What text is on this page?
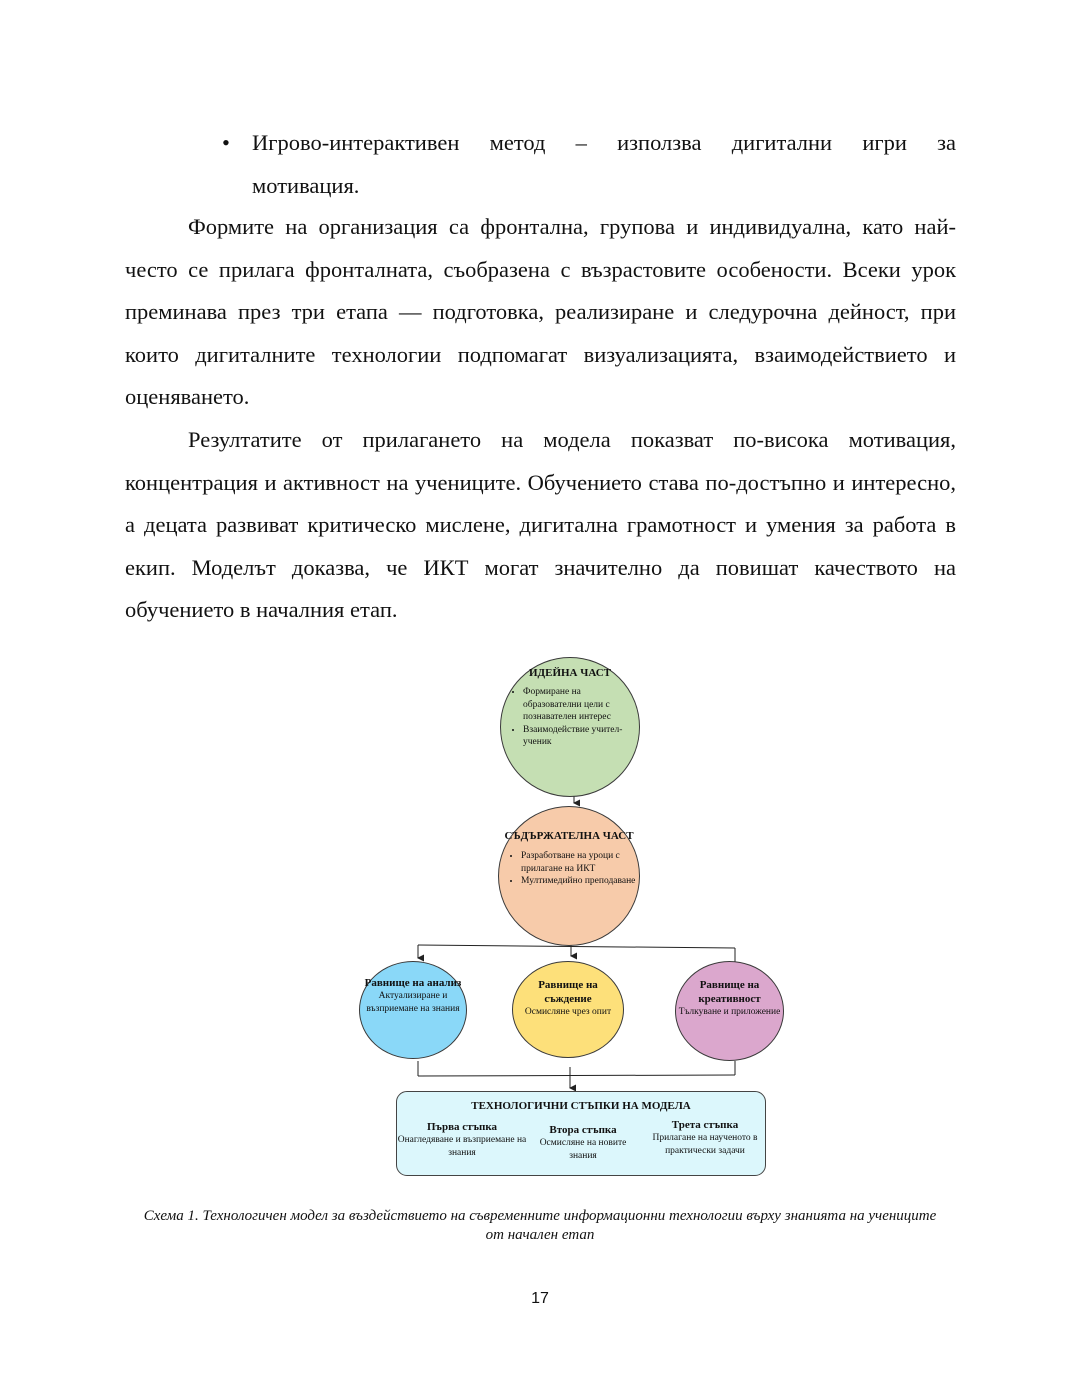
• Игрово-интерактивен метод – използва дигитални игри за
мотивация.

Формите на организация са фронтална, групова и индивидуална, като най-често се прилага фронталната, съобразена с възрастовите особености. Всеки урок преминава през три етапа — подготовка, реализиране и следурочна дейност, при които дигиталните технологии подпомагат визуализацията, взаимодействието и оценяването.

Резултатите от прилагането на модела показват по-висока мотивация, концентрация и активност на учениците. Обучението става по-достъпно и интересно, а децата развиват критическо мислене, дигитална грамотност и умения за работа в екип. Моделът доказва, че ИКТ могат значително да повишат качеството на обучението в началния етап.

ИДЕЙНА ЧАСТ
• Формиране на образователни цели с познавателен интерес
• Взаимодействие учител-ученик
СЪДЪРЖАТЕЛНА ЧАСТ
• Разработване на уроци с прилагане на ИКТ
• Мултимедийно преподаване
Равнище на анализ
Актуализиране и възприемане на знания
Равнище на съждение
Осмисляне чрез опит
Равнище на креативност
Тълкуване и приложение
ТЕХНОЛОГИЧНИ СТЪПКИ НА МОДЕЛА
Първа стъпка
Онагледяване и възприемане на знания
Втора стъпка
Осмисляне на новите знания
Трета стъпка
Прилагане на наученото в практически задачи
Схема 1. Технологичен модел за въздействието на съвременните информационни технологии върху знанията на учениците от начален етап
17
